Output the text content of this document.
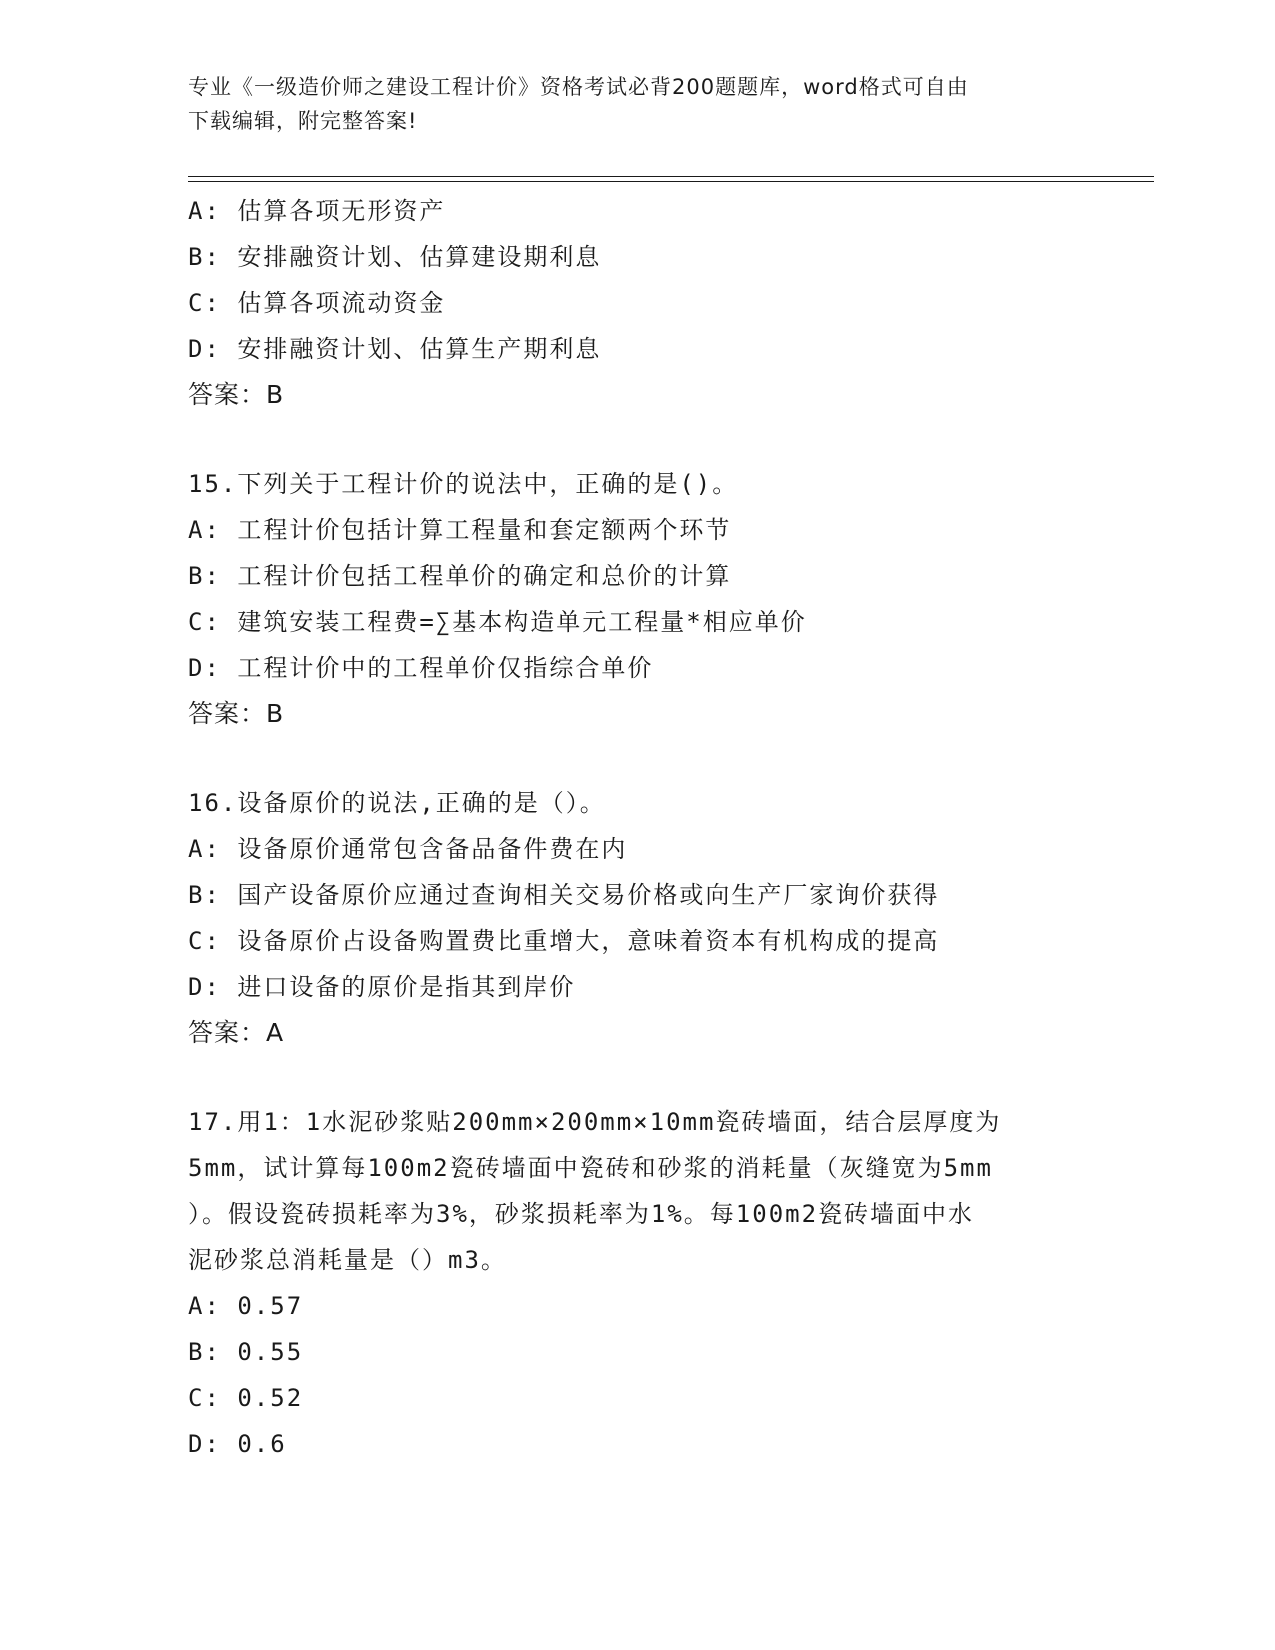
专业《一级造价师之建设工程计价》资格考试必背200题题库，word格式可自由
下载编辑，附完整答案!

A: 估算各项无形资产

B: 安排融资计划、估算建设期利息

C: 估算各项流动资金

D: 安排融资计划、估算生产期利息

答案：B

15.下列关于工程计价的说法中，正确的是()。

A: 工程计价包括计算工程量和套定额两个环节

B: 工程计价包括工程单价的确定和总价的计算

C: 建筑安装工程费=∑基本构造单元工程量*相应单价

D: 工程计价中的工程单价仅指综合单价

答案：B

16.设备原价的说法,正确的是（）。

A: 设备原价通常包含备品备件费在内

B: 国产设备原价应通过查询相关交易价格或向生产厂家询价获得

C: 设备原价占设备购置费比重增大，意味着资本有机构成的提高

D: 进口设备的原价是指其到岸价

答案：A

17.用1：1水泥砂浆贴200mm×200mm×10mm瓷砖墙面，结合层厚度为

5mm，试计算每100m2瓷砖墙面中瓷砖和砂浆的消耗量（灰缝宽为5mm

）。假设瓷砖损耗率为3%，砂浆损耗率为1%。每100m2瓷砖墙面中水

泥砂浆总消耗量是（）m3。

A: 0.57

B: 0.55

C: 0.52

D: 0.6
